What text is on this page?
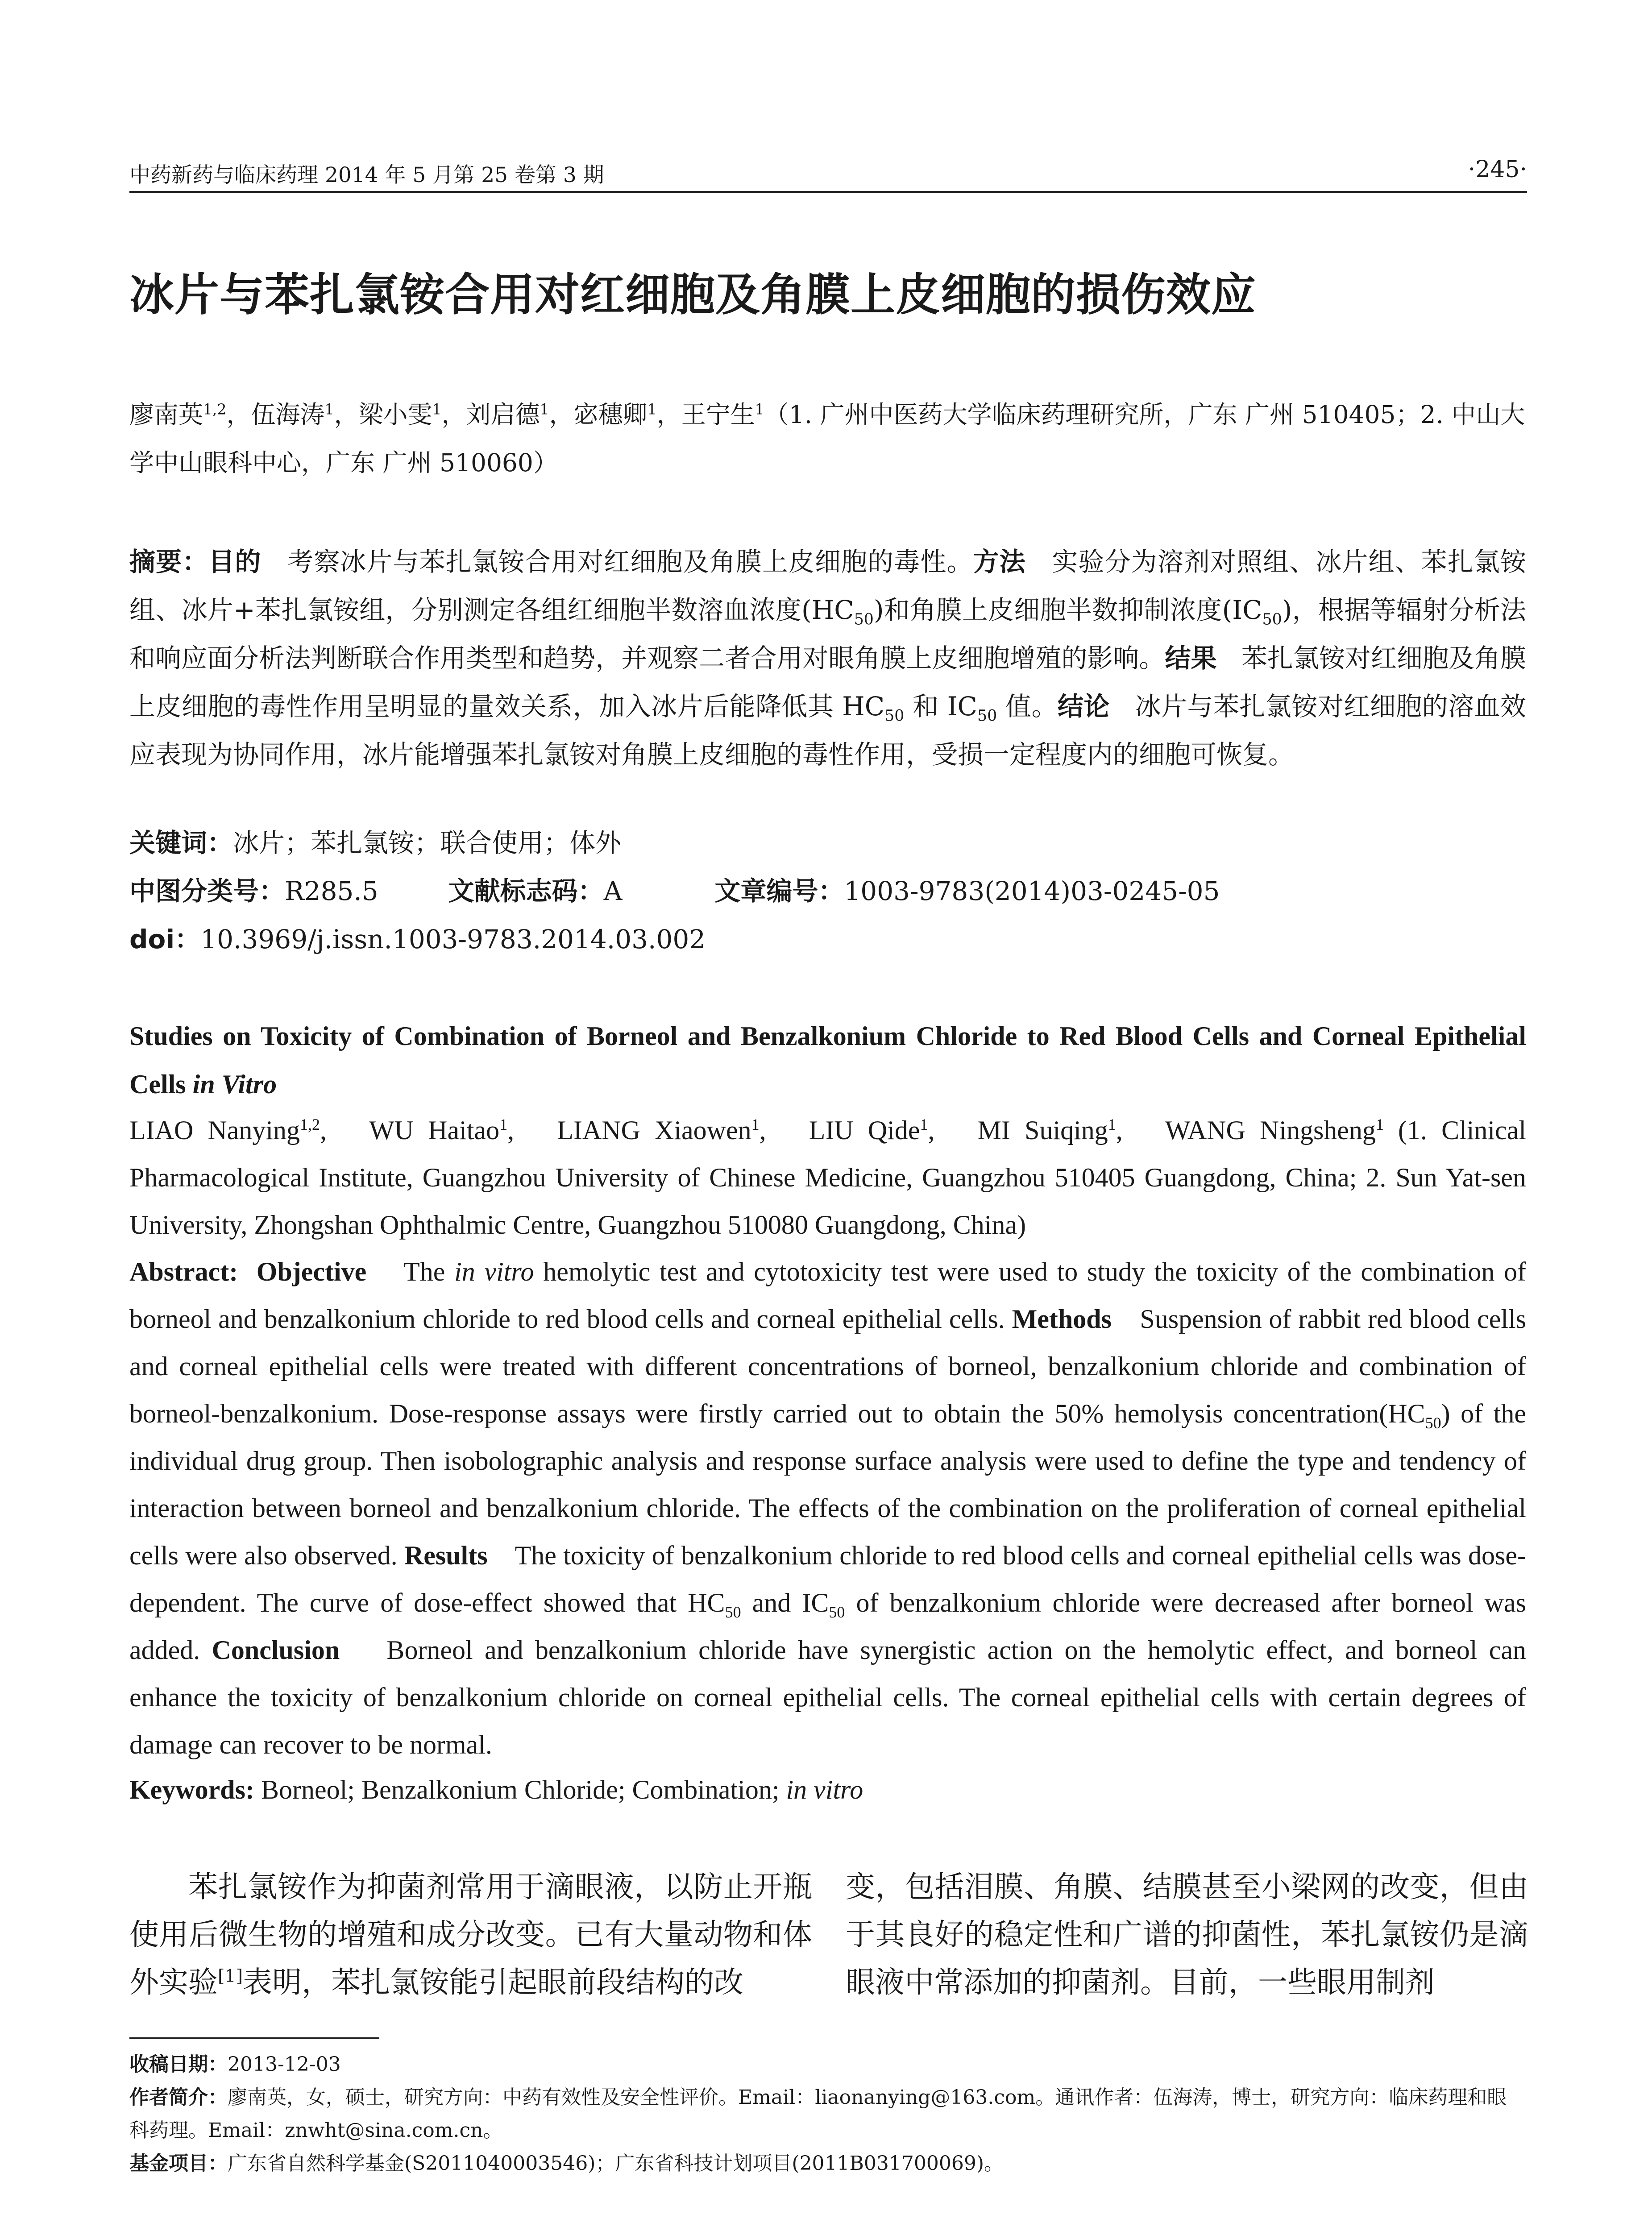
中药新药与临床药理 2014 年 5 月第 25 卷第 3 期	·245·
冰片与苯扎氯铵合用对红细胞及角膜上皮细胞的损伤效应
廖南英$^{1,2}$，伍海涛$^1$，梁小雯$^1$，刘启德$^1$，宓穗卿$^1$，王宁生$^1$（1. 广州中医药大学临床药理研究所，广东 广州 510405；2. 中山大学中山眼科中心，广东 广州 510060）
摘要：目的 考察冰片与苯扎氯铵合用对红细胞及角膜上皮细胞的毒性。方法 实验分为溶剂对照组、冰片组、苯扎氯铵组、冰片+苯扎氯铵组，分别测定各组红细胞半数溶血浓度$(HC_{50})$和角膜上皮细胞半数抑制浓度$(IC_{50})$，根据等辐射分析法和响应面分析法判断联合作用类型和趋势，并观察二者合用对眼角膜上皮细胞增殖的影响。结果 苯扎氯铵对红细胞及角膜上皮细胞的毒性作用呈明显的量效关系，加入冰片后能降低其 $HC_{50}$ 和 $IC_{50}$ 值。结论 冰片与苯扎氯铵对红细胞的溶血效应表现为协同作用，冰片能增强苯扎氯铵对角膜上皮细胞的毒性作用，受损一定程度内的细胞可恢复。
关键词：冰片；苯扎氯铵；联合使用；体外
中图分类号：R285.5	文献标志码：A	文章编号：1003-9783(2014)03-0245-05
doi：10.3969/j.issn.1003-9783.2014.03.002
Studies on Toxicity of Combination of Borneol and Benzalkonium Chloride to Red Blood Cells and Corneal Epithelial Cells in Vitro
LIAO Nanying$^{1,2}$,   WU Haitao$^1$,   LIANG Xiaowen$^1$,   LIU Qide$^1$,   MI Suiqing$^1$,   WANG Ningsheng$^1$ (1. Clinical Pharmacological Institute, Guangzhou University of Chinese Medicine, Guangzhou 510405 Guangdong, China; 2. Sun Yat-sen University, Zhongshan Ophthalmic Centre, Guangzhou 510080 Guangdong, China)
Abstract: Objective The in vitro hemolytic test and cytotoxicity test were used to study the toxicity of the combination of borneol and benzalkonium chloride to red blood cells and corneal epithelial cells. Methods Suspension of rabbit red blood cells and corneal epithelial cells were treated with different concentrations of borneol, benzalkonium chloride and combination of borneol-benzalkonium. Dose-response assays were firstly carried out to obtain the 50% hemolysis $concentration(HC_{50})$ of the individual drug group. Then isobolographic analysis and response surface analysis were used to define the type and tendency of interaction between borneol and benzalkonium chloride. The effects of the combination on the proliferation of corneal epithelial cells were also observed. Results The toxicity of benzalkonium chloride to red blood cells and corneal epithelial cells was dose-dependent. The curve of dose-effect showed that $HC_{50}$ and $IC_{50}$ of benzalkonium chloride were decreased after borneol was added. Conclusion Borneol and benzalkonium chloride have synergistic action on the hemolytic effect, and borneol can enhance the toxicity of benzalkonium chloride on corneal epithelial cells. The corneal epithelial cells with certain degrees of damage can recover to be normal.
Keywords: Borneol; Benzalkonium Chloride; Combination; in vitro
苯扎氯铵作为抑菌剂常用于滴眼液，以防止开瓶使用后微生物的增殖和成分改变。已有大量动物和体外实验[1]表明，苯扎氯铵能引起眼前段结构的改
变，包括泪膜、角膜、结膜甚至小梁网的改变，但由于其良好的稳定性和广谱的抑菌性，苯扎氯铵仍是滴眼液中常添加的抑菌剂。目前，一些眼用制剂
收稿日期：2013-12-03
作者简介：廖南英，女，硕士，研究方向：中药有效性及安全性评价。Email：liaonanying@163.com。通讯作者：伍海涛，博士，研究方向：临床药理和眼科药理。Email：znwht@sina.com.cn。
基金项目：广东省自然科学基金(S2011040003546)；广东省科技计划项目(2011B031700069)。
